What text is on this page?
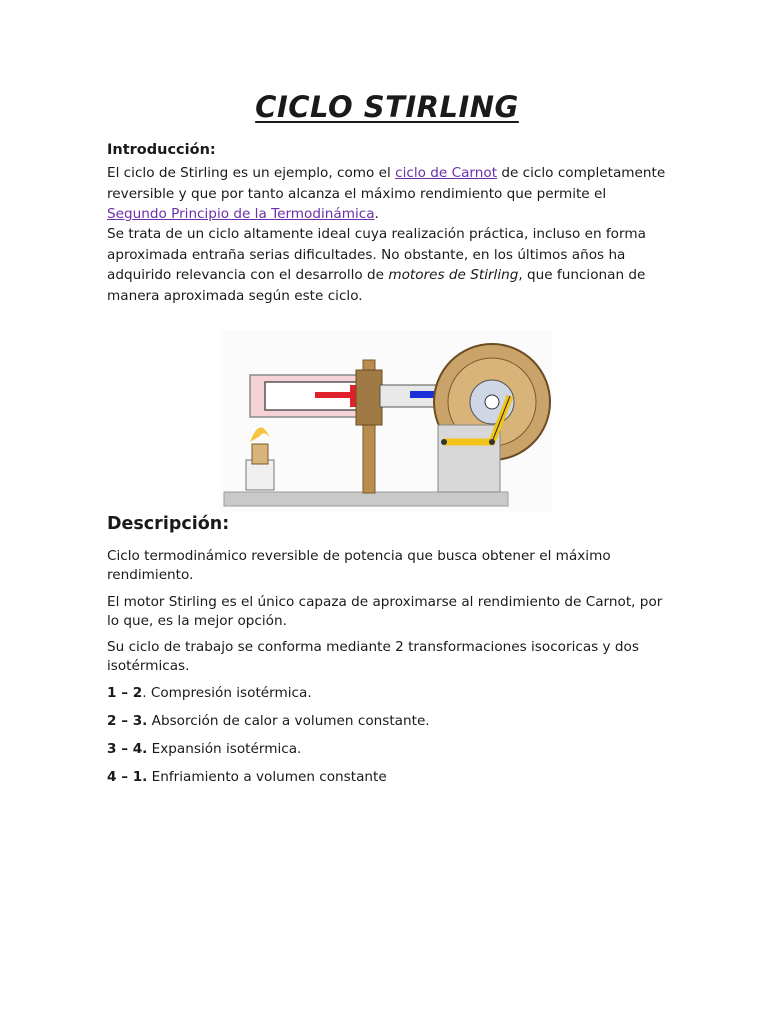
CICLO STIRLING
Introducción:

El ciclo de Stirling es un ejemplo, como el ciclo de Carnot de ciclo completamente reversible y que por tanto alcanza el máximo rendimiento que permite el Segundo Principio de la Termodinámica.

Se trata de un ciclo altamente ideal cuya realización práctica, incluso en forma aproximada entraña serias dificultades. No obstante, en los últimos años ha adquirido relevancia con el desarrollo de motores de Stirling, que funcionan de manera aproximada según este ciclo.

Descripción:

Ciclo termodinámico reversible de potencia que busca obtener el máximo rendimiento.

El motor Stirling es el único capaza de aproximarse al rendimiento de Carnot, por lo que, es la mejor opción.

Su ciclo de trabajo se conforma mediante 2 transformaciones isocoricas y dos isotérmicas.

1 – 2. Compresión isotérmica.

2 – 3. Absorción de calor a volumen constante.

3 – 4. Expansión isotérmica.

4 – 1. Enfriamiento a volumen constante
